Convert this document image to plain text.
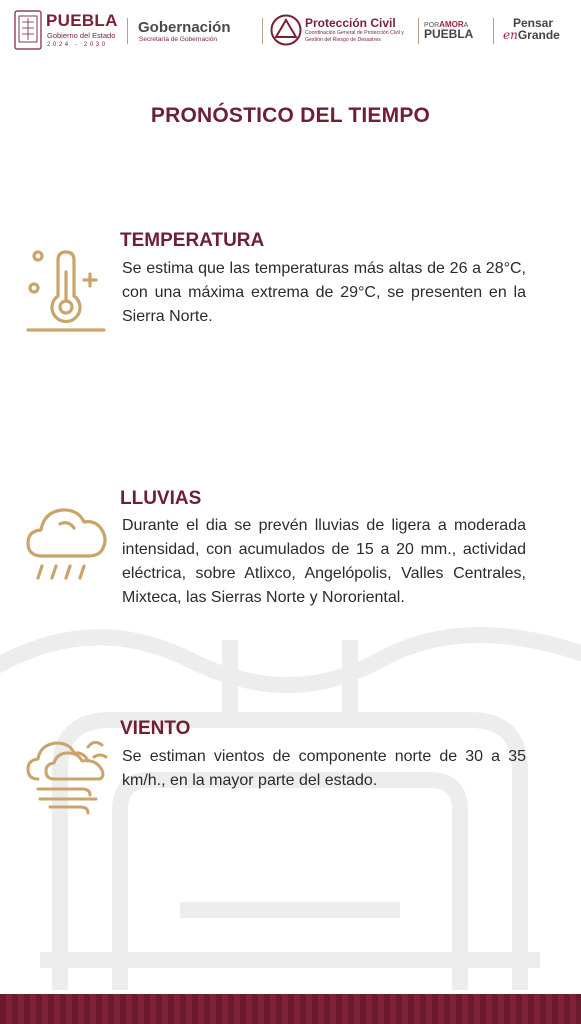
PUEBLA
Gobierno del Estado
2024 - 2030
Gobernación
Secretaría de Gobernación
Protección Civil
Coordinación General de Protección Civil y Gestión del Riesgo de Desastres
PORAMORA
PUEBLA
Pensar
enGrande
PRONÓSTICO DEL TIEMPO
TEMPERATURA
Se estima que las temperaturas más altas de 26 a 28°C, con una máxima extrema de 29°C, se presenten en la Sierra Norte.
LLUVIAS
Durante el dia se prevén lluvias de ligera a moderada intensidad, con acumulados de 15 a 20 mm., actividad eléctrica, sobre Atlixco, Angelópolis, Valles Centrales, Mixteca, las Sierras Norte y Nororiental.
VIENTO
Se estiman vientos de componente norte de 30 a 35 km/h., en la mayor parte del estado.
